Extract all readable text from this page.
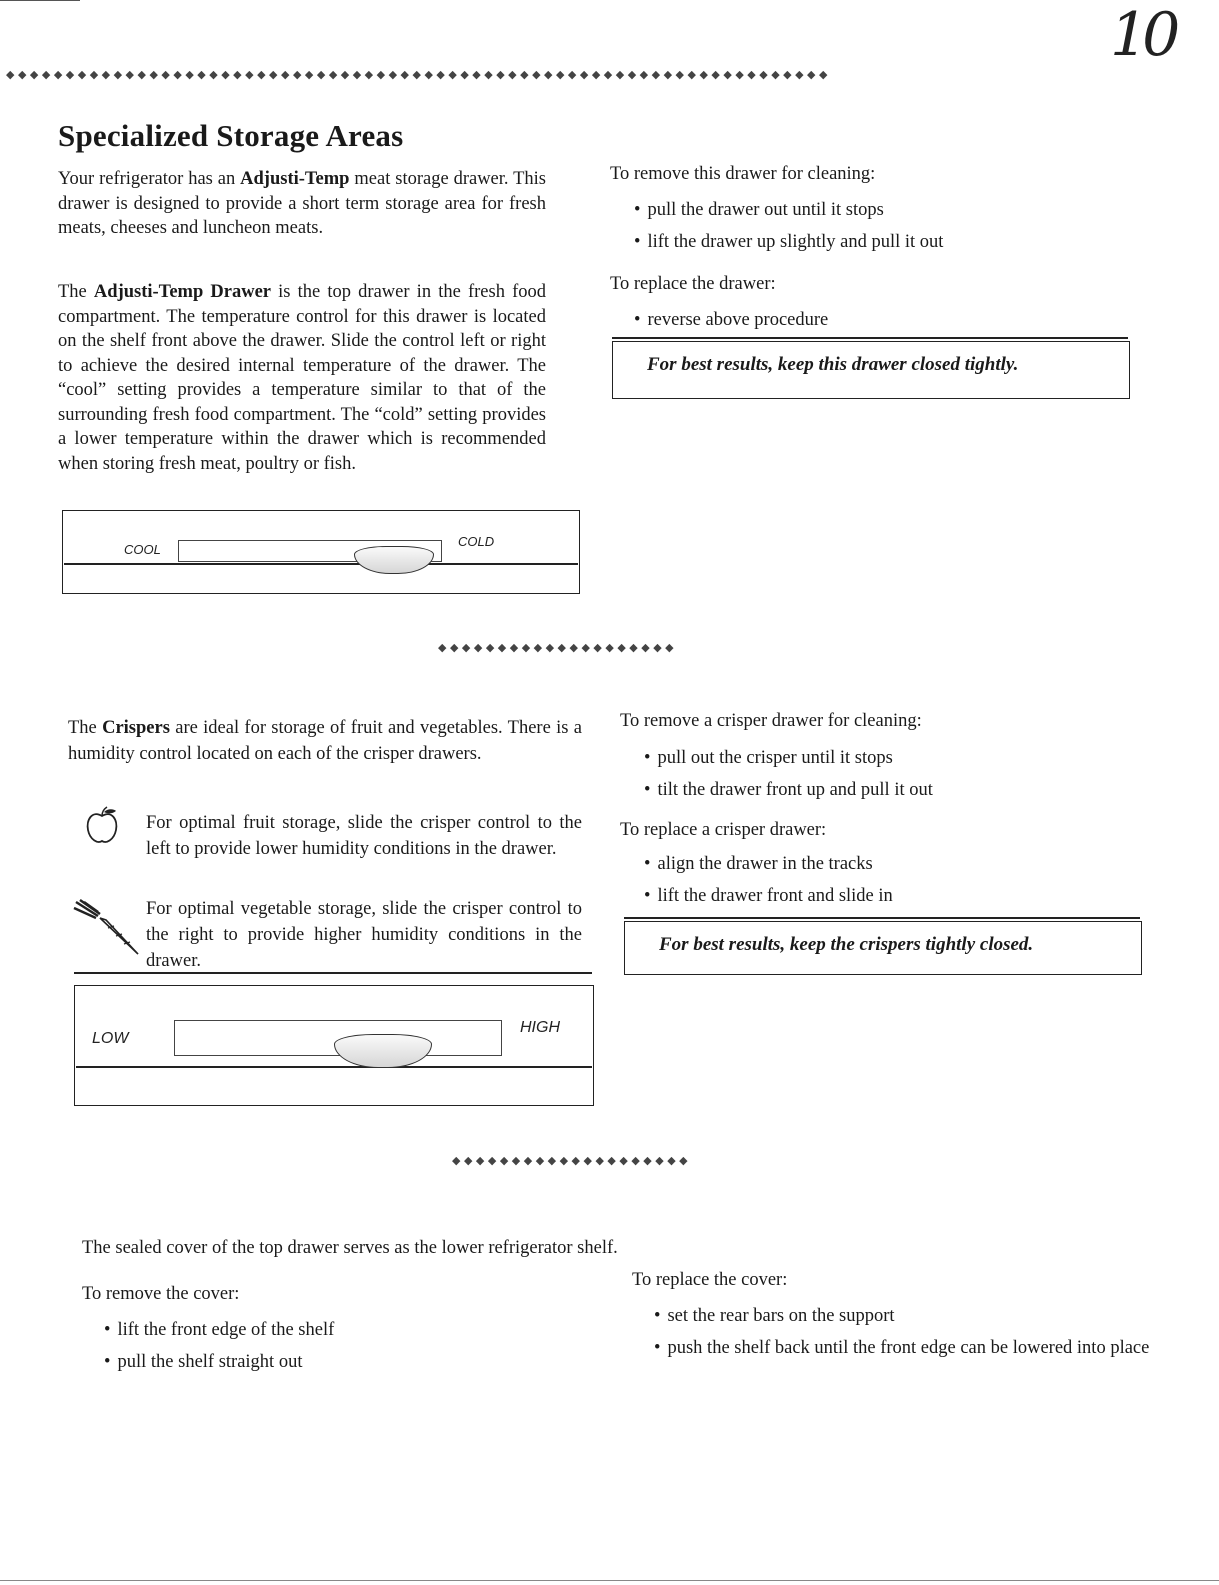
10
◆ ◆ ◆ ◆ ◆ ◆ ◆ ◆ ◆ ◆ ◆ ◆ ◆ ◆ ◆ ◆ ◆ ◆ ◆ ◆ ◆ ◆ ◆ ◆ ◆ ◆ ◆ ◆ ◆ ◆ ◆ ◆ ◆ ◆ ◆ ◆ ◆ ◆ ◆ ◆ ◆ ◆ ◆ ◆ ◆ ◆ ◆ ◆ ◆ ◆ ◆ ◆ ◆ ◆ ◆ ◆ ◆ ◆ ◆ ◆ ◆ ◆ ◆ ◆ ◆ ◆ ◆ ◆ ◆
Specialized Storage Areas
Your refrigerator has an Adjusti-Temp meat storage drawer. This drawer is designed to provide a short term storage area for fresh meats, cheeses and luncheon meats.
The Adjusti-Temp Drawer is the top drawer in the fresh food compartment. The temperature control for this drawer is located on the shelf front above the drawer. Slide the control left or right to achieve the desired internal temperature of the drawer. The “cool” setting provides a temperature similar to that of the surrounding fresh food compartment. The “cold” setting provides a lower temperature within the drawer which is recommended when storing fresh meat, poultry or fish.
To remove this drawer for cleaning:
• pull the drawer out until it stops
• lift the drawer up slightly and pull it out
To replace the drawer:
• reverse above procedure
For best results, keep this drawer closed tightly.
COOL
COLD
◆ ◆ ◆ ◆ ◆ ◆ ◆ ◆ ◆ ◆ ◆ ◆ ◆ ◆ ◆ ◆ ◆ ◆ ◆ ◆
The Crispers are ideal for storage of fruit and vegetables. There is a humidity control located on each of the crisper drawers.
For optimal fruit storage, slide the crisper control to the left to provide lower humidity conditions in the drawer.
For optimal vegetable storage, slide the crisper control to the right to provide higher humidity conditions in the drawer.
To remove a crisper drawer for cleaning:
• pull out the crisper until it stops
• tilt the drawer front up and pull it out
To replace a crisper drawer:
• align the drawer in the tracks
• lift the drawer front and slide in
For best results, keep the crispers tightly closed.
LOW
HIGH
◆ ◆ ◆ ◆ ◆ ◆ ◆ ◆ ◆ ◆ ◆ ◆ ◆ ◆ ◆ ◆ ◆ ◆ ◆ ◆
The sealed cover of the top drawer serves as the lower refrigerator shelf.
To remove the cover:
• lift the front edge of the shelf
• pull the shelf straight out
To replace the cover:
• set the rear bars on the support
• push the shelf back until the front edge can be lowered into place
